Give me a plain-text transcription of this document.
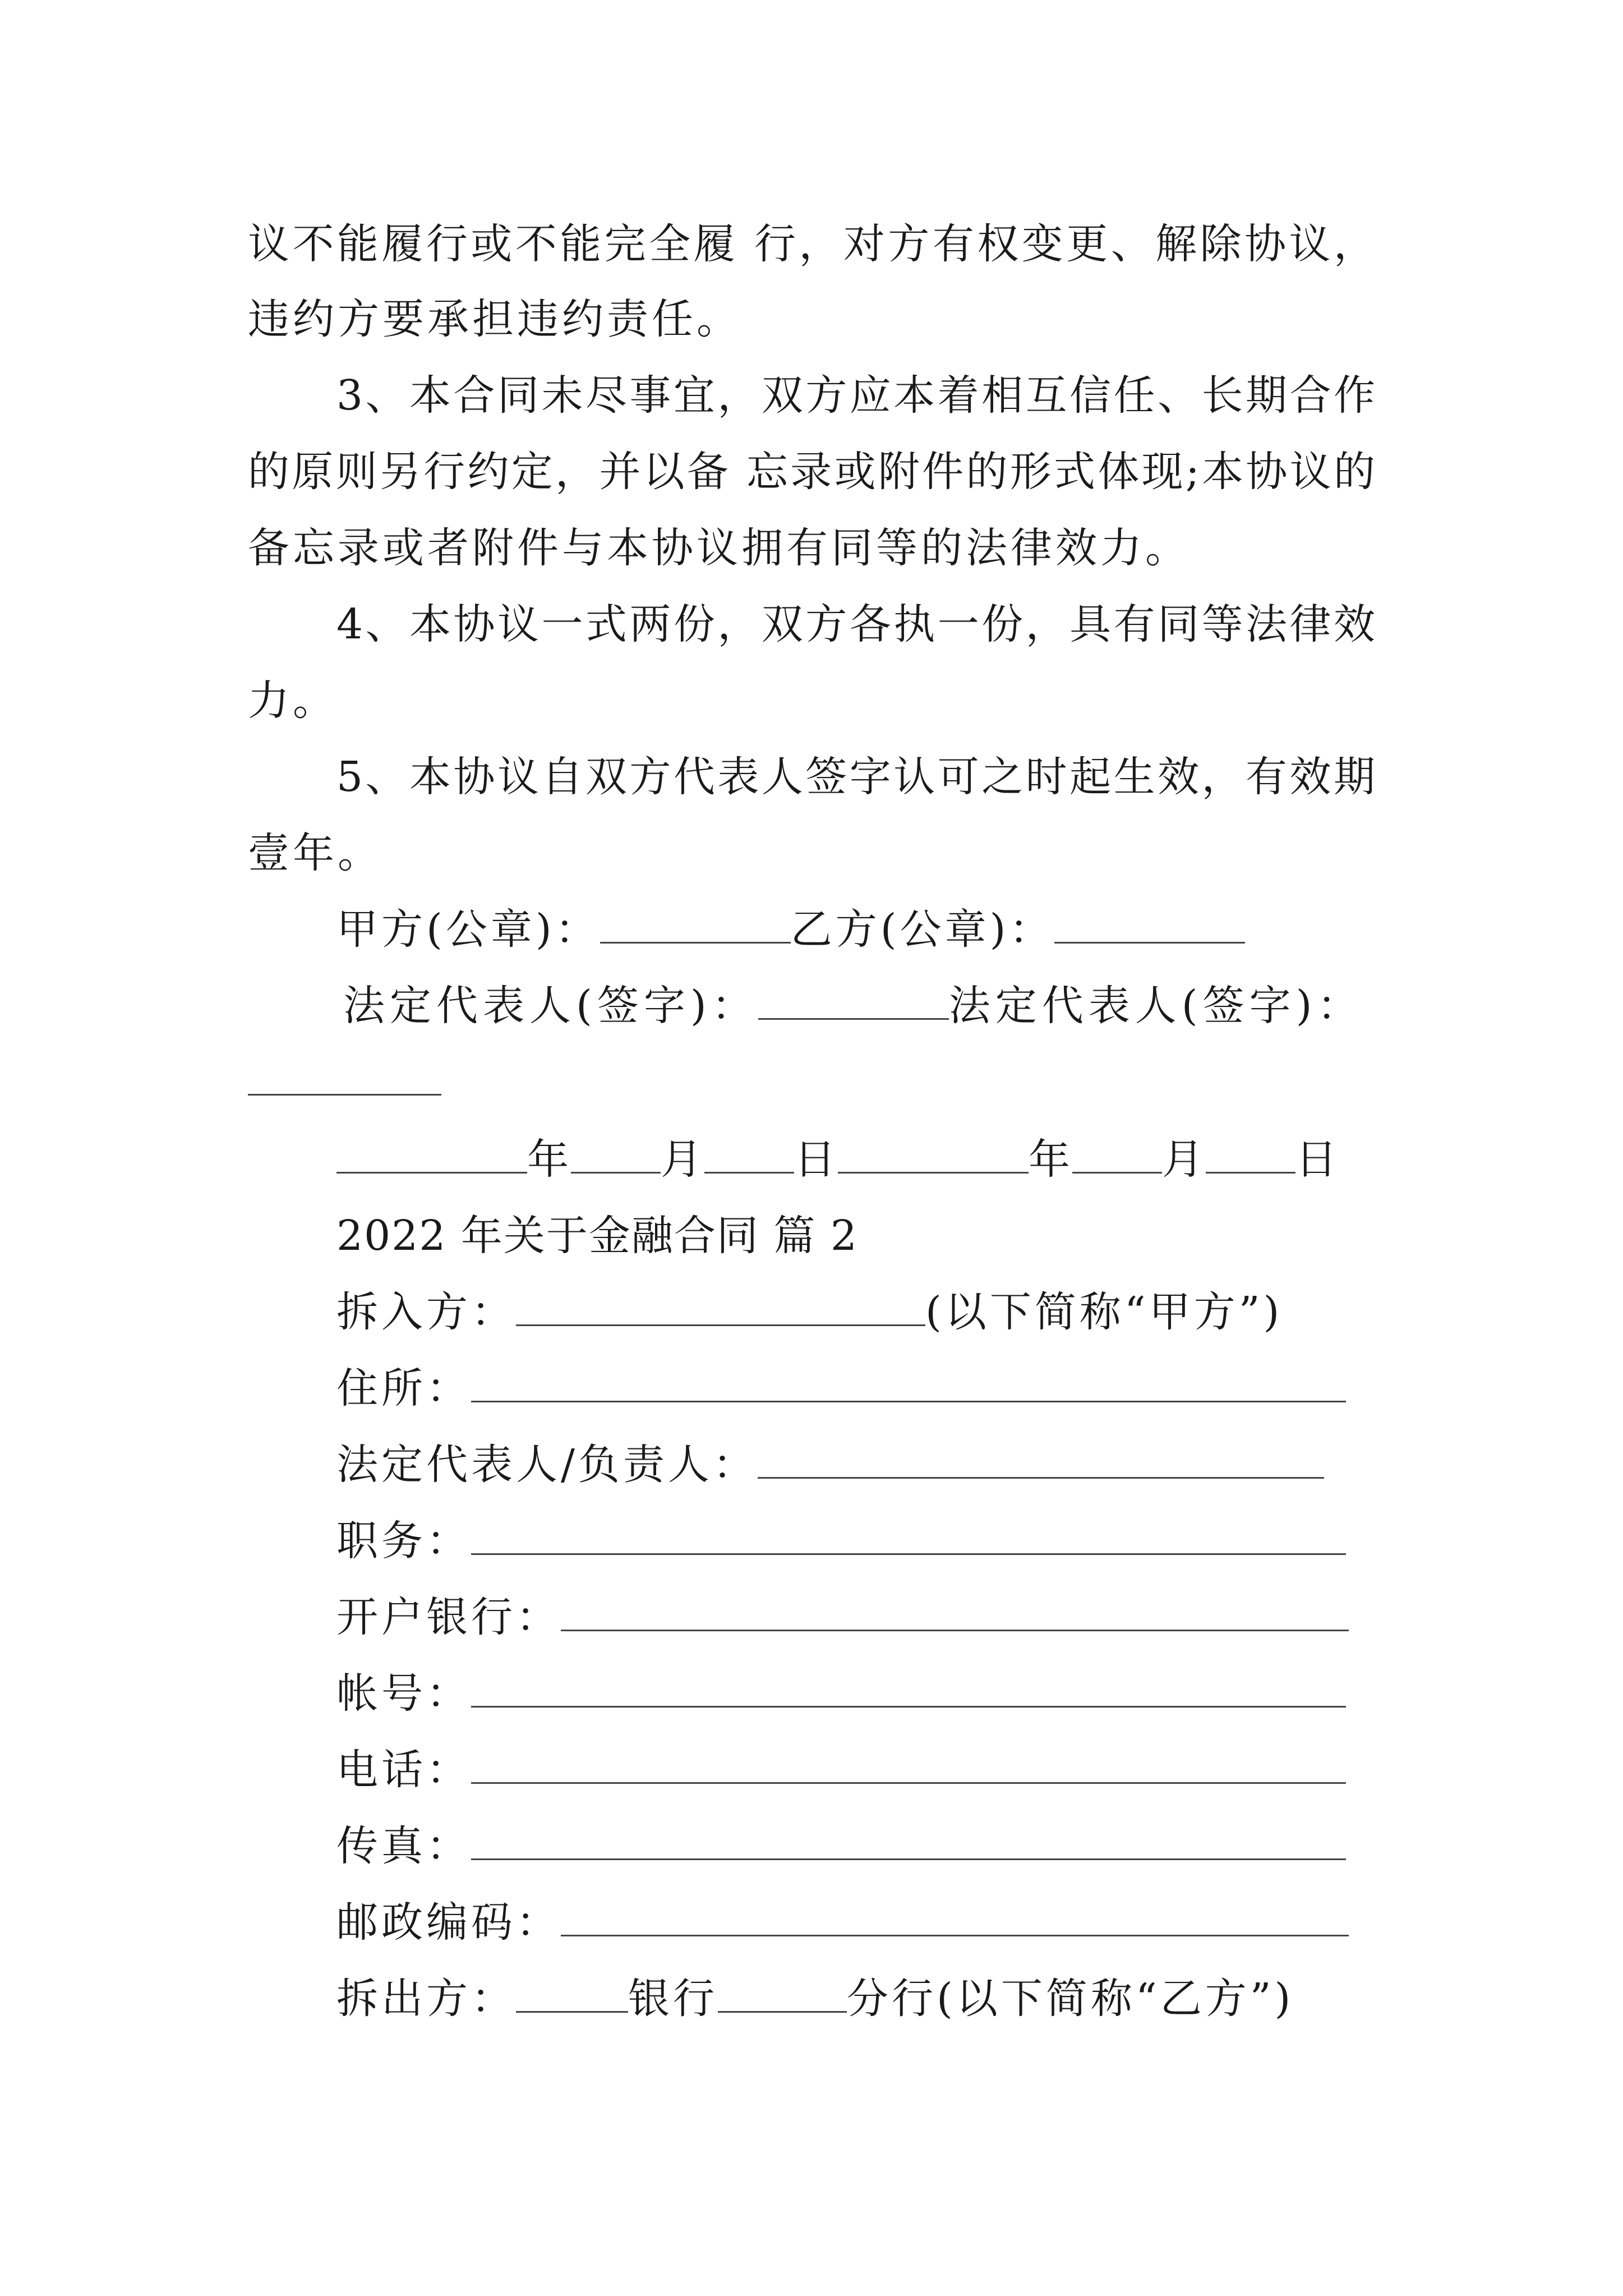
议不能履行或不能完全履 行，对方有权变更、解除协议，
违约方要承担违约责任。
3、本合同未尽事宜，双方应本着相互信任、长期合作
的原则另行约定，并以备 忘录或附件的形式体现;本协议的
备忘录或者附件与本协议拥有同等的法律效力。
4、本协议一式两份，双方各执一份，具有同等法律效
力。
5、本协议自双方代表人签字认可之时起生效，有效期
壹年。
甲方(公章)：	乙方(公章)：
法定代表人(签字)：	法定代表人(签字)：
年 月 日	年 月 日
2022 年关于金融合同 篇 2
拆入方：	(以下简称“甲方”)
住所：
法定代表人/负责人：
职务：
开户银行：
帐号：
电话：
传真：
邮政编码：
拆出方：	银行	分行(以下简称“乙方”)
